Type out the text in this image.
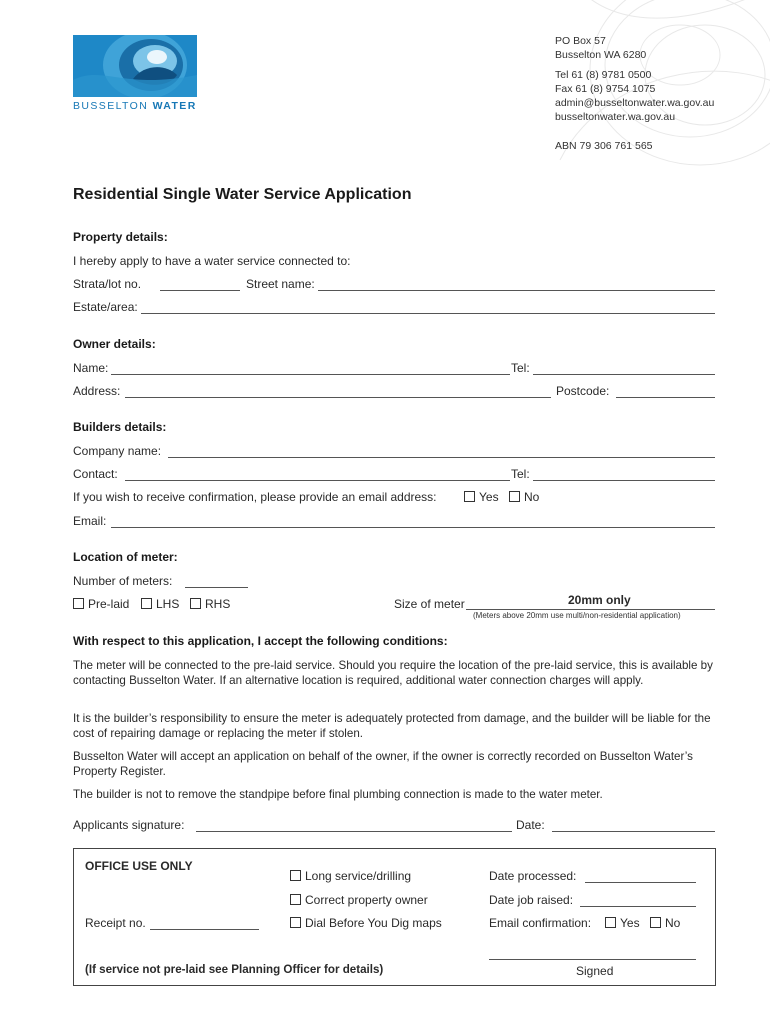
BUSSELTON WATER
PO Box 57
Busselton WA 6280
Tel 61 (8) 9781 0500
Fax 61 (8) 9754 1075
admin@busseltonwater.wa.gov.au
busseltonwater.wa.gov.au
ABN 79 306 761 565
Residential Single Water Service Application
Property details:
I hereby apply to have a water service connected to:
Strata/lot no.	Street name:
Estate/area:
Owner details:
Name:	Tel:
Address:	Postcode:
Builders details:
Company name:
Contact:	Tel:
If you wish to receive confirmation, please provide an email address:	Yes	No
Email:
Location of meter:
Number of meters:
Pre-laid	LHS	RHS	Size of meter	20mm only
(Meters above 20mm use multi/non-residential application)
With respect to this application, I accept the following conditions:
The meter will be connected to the pre-laid service. Should you require the location of the pre-laid service, this is available by contacting Busselton Water. If an alternative location is required, additional water connection charges will apply.
It is the builder’s responsibility to ensure the meter is adequately protected from damage, and the builder will be liable for the cost of repairing damage or replacing the meter if stolen.
Busselton Water will accept an application on behalf of the owner, if the owner is correctly recorded on Busselton Water’s Property Register.
The builder is not to remove the standpipe before final plumbing connection is made to the water meter.
Applicants signature:	Date:
OFFICE USE ONLY
Long service/drilling
Correct property owner
Dial Before You Dig maps
Date processed:
Date job raised:
Email confirmation:	Yes	No
Receipt no.
Signed
(If service not pre-laid see Planning Officer for details)
